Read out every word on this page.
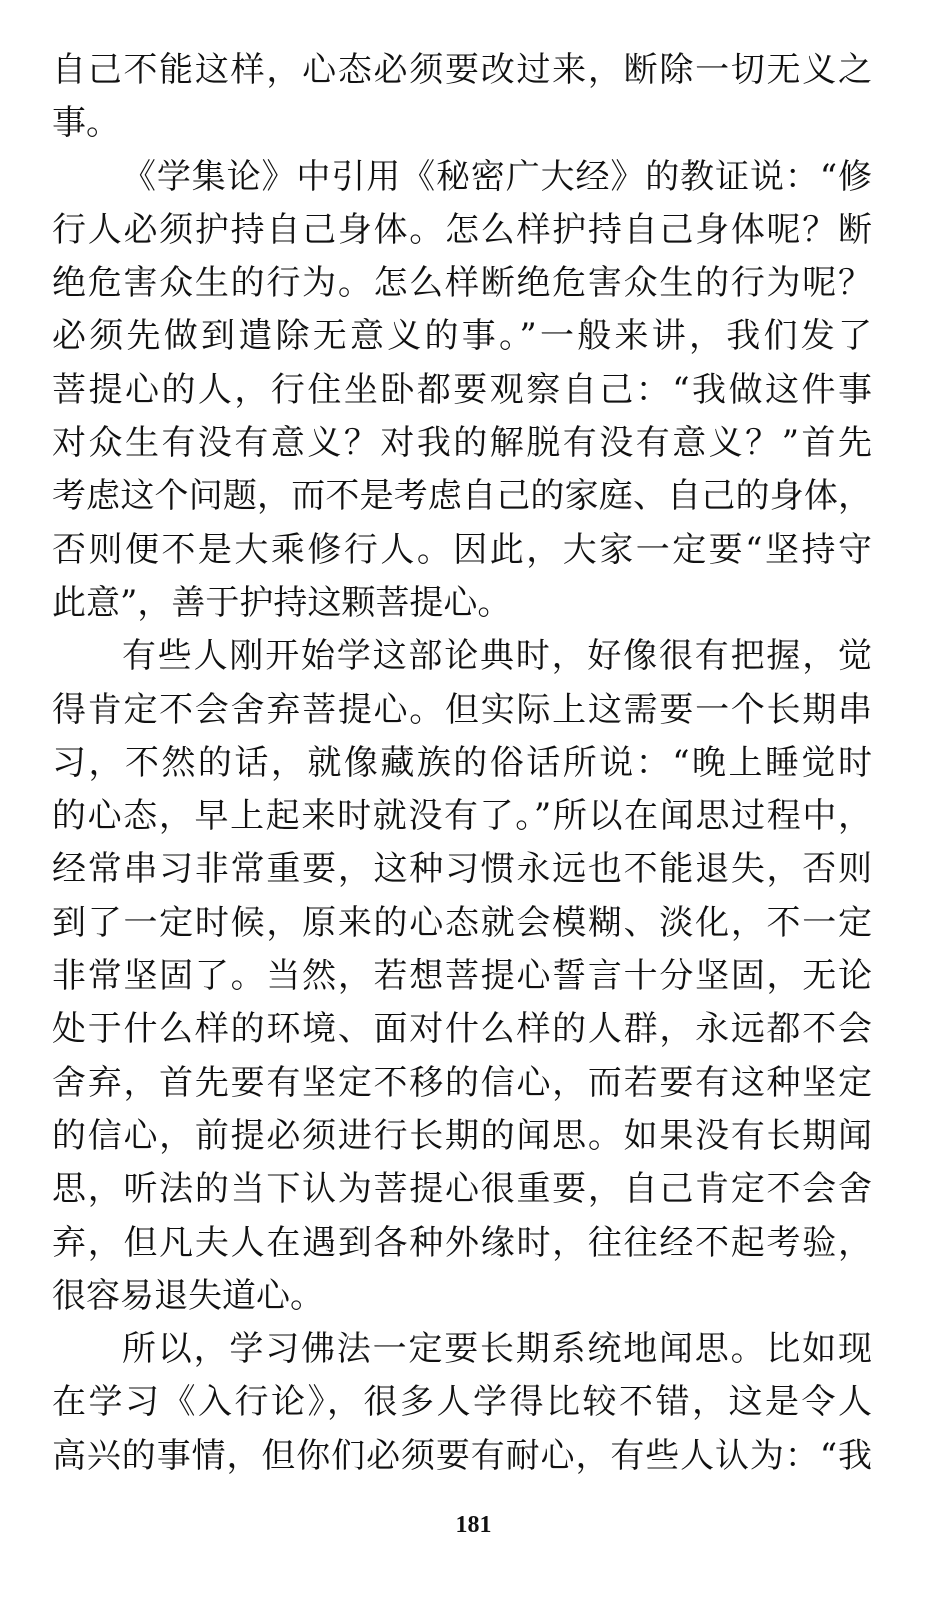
自己不能这样，心态必须要改过来，断除一切无义之
事。
《学集论》中引用《秘密广大经》的教证说：“修
行人必须护持自己身体。怎么样护持自己身体呢？断
绝危害众生的行为。怎么样断绝危害众生的行为呢？
必须先做到遣除无意义的事。”一般来讲，我们发了
菩提心的人，行住坐卧都要观察自己：“我做这件事
对众生有没有意义？对我的解脱有没有意义？”首先
考虑这个问题，而不是考虑自己的家庭、自己的身体，
否则便不是大乘修行人。因此，大家一定要“坚持守
此意”，善于护持这颗菩提心。
有些人刚开始学这部论典时，好像很有把握，觉
得肯定不会舍弃菩提心。但实际上这需要一个长期串
习，不然的话，就像藏族的俗话所说：“晚上睡觉时
的心态，早上起来时就没有了。”所以在闻思过程中，
经常串习非常重要，这种习惯永远也不能退失，否则
到了一定时候，原来的心态就会模糊、淡化，不一定
非常坚固了。当然，若想菩提心誓言十分坚固，无论
处于什么样的环境、面对什么样的人群，永远都不会
舍弃，首先要有坚定不移的信心，而若要有这种坚定
的信心，前提必须进行长期的闻思。如果没有长期闻
思，听法的当下认为菩提心很重要，自己肯定不会舍
弃，但凡夫人在遇到各种外缘时，往往经不起考验，
很容易退失道心。
所以，学习佛法一定要长期系统地闻思。比如现
在学习《入行论》，很多人学得比较不错，这是令人
高兴的事情，但你们必须要有耐心，有些人认为：“我
181
